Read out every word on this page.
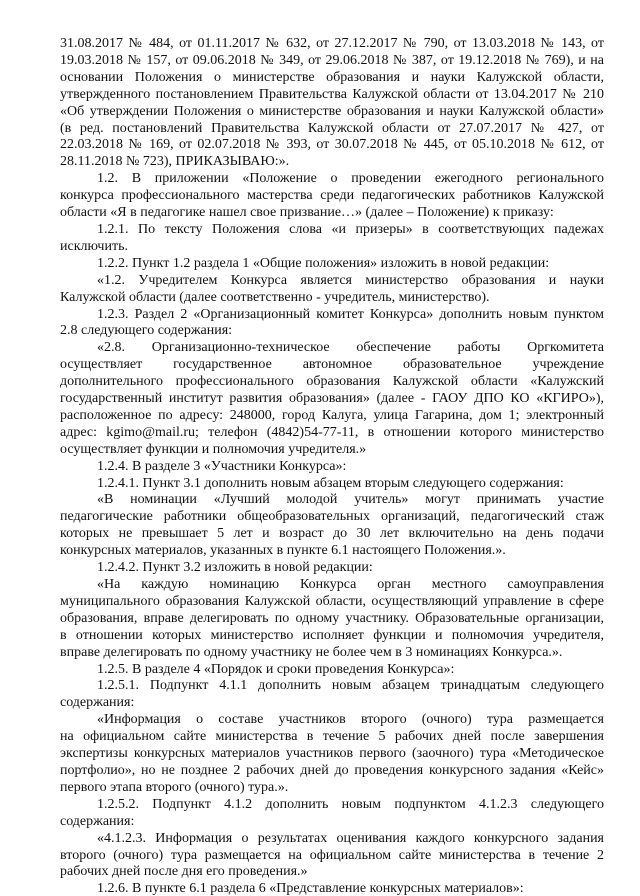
31.08.2017 № 484, от 01.11.2017 № 632, от 27.12.2017 № 790, от 13.03.2018 № 143, от
19.03.2018 № 157, от 09.06.2018 № 349, от 29.06.2018 № 387, от 19.12.2018 № 769), и на
основании Положения о министерстве образования и науки Калужской области,
утвержденного постановлением Правительства Калужской области от 13.04.2017 № 210
«Об утверждении Положения о министерстве образования и науки Калужской области»
(в ред. постановлений Правительства Калужской области от 27.07.2017 № 427, от
22.03.2018 № 169, от 02.07.2018 № 393, от 30.07.2018 № 445, от 05.10.2018 № 612, от
28.11.2018 № 723), ПРИКАЗЫВАЮ:».
1.2. В приложении «Положение о проведении ежегодного регионального
конкурса профессионального мастерства среди педагогических работников Калужской
области «Я в педагогике нашел свое призвание…» (далее – Положение) к приказу:
1.2.1. По тексту Положения слова «и призеры» в соответствующих падежах
исключить.
1.2.2. Пункт 1.2 раздела 1 «Общие положения» изложить в новой редакции:
«1.2. Учредителем Конкурса является министерство образования и науки
Калужской области (далее соответственно - учредитель, министерство).
1.2.3. Раздел 2 «Организационный комитет Конкурса» дополнить новым пунктом
2.8 следующего содержания:
«2.8. Организационно-техническое обеспечение работы Оргкомитета
осуществляет государственное автономное образовательное учреждение
дополнительного профессионального образования Калужской области «Калужский
государственный институт развития образования» (далее - ГАОУ ДПО КО «КГИРО»),
расположенное по адресу: 248000, город Калуга, улица Гагарина, дом 1; электронный
адрес: kgimo@mail.ru; телефон (4842)54-77-11, в отношении которого министерство
осуществляет функции и полномочия учредителя.»
1.2.4. В разделе 3 «Участники Конкурса»:
1.2.4.1. Пункт 3.1 дополнить новым абзацем вторым следующего содержания:
«В номинации «Лучший молодой учитель» могут принимать участие
педагогические работники общеобразовательных организаций, педагогический стаж
которых не превышает 5 лет и возраст до 30 лет включительно на день подачи
конкурсных материалов, указанных в пункте 6.1 настоящего Положения.».
1.2.4.2. Пункт 3.2 изложить в новой редакции:
«На каждую номинацию Конкурса орган местного самоуправления
муниципального образования Калужской области, осуществляющий управление в сфере
образования, вправе делегировать по одному участнику. Образовательные организации,
в отношении которых министерство исполняет функции и полномочия учредителя,
вправе делегировать по одному участнику не более чем в 3 номинациях Конкурса.».
1.2.5. В разделе 4 «Порядок и сроки проведения Конкурса»:
1.2.5.1. Подпункт 4.1.1 дополнить новым абзацем тринадцатым следующего
содержания:
«Информация о составе участников второго (очного) тура размещается
на официальном сайте министерства в течение 5 рабочих дней после завершения
экспертизы конкурсных материалов участников первого (заочного) тура «Методическое
портфолио», но не позднее 2 рабочих дней до проведения конкурсного задания «Кейс»
первого этапа второго (очного) тура.».
1.2.5.2. Подпункт 4.1.2 дополнить новым подпунктом 4.1.2.3 следующего
содержания:
«4.1.2.3. Информация о результатах оценивания каждого конкурсного задания
второго (очного) тура размещается на официальном сайте министерства в течение 2
рабочих дней после дня его проведения.»
1.2.6. В пункте 6.1 раздела 6 «Представление конкурсных материалов»:
